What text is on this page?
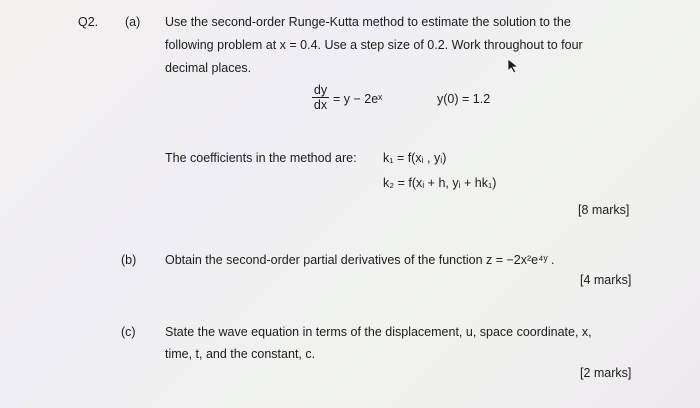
Q2. (a) Use the second-order Runge-Kutta method to estimate the solution to the
following problem at x = 0.4. Use a step size of 0.2. Work throughout to four
decimal places.
dy
dx = y − 2eˣ	y(0) = 1.2
The coefficients in the method are: k₁ = f(xᵢ , yᵢ)
k₂ = f(xᵢ + h, yᵢ + hk₁)
[8 marks]
(b) Obtain the second-order partial derivatives of the function z = −2x²e⁴ʸ .
[4 marks]
(c) State the wave equation in terms of the displacement, u, space coordinate, x,
time, t, and the constant, c.
[2 marks]
